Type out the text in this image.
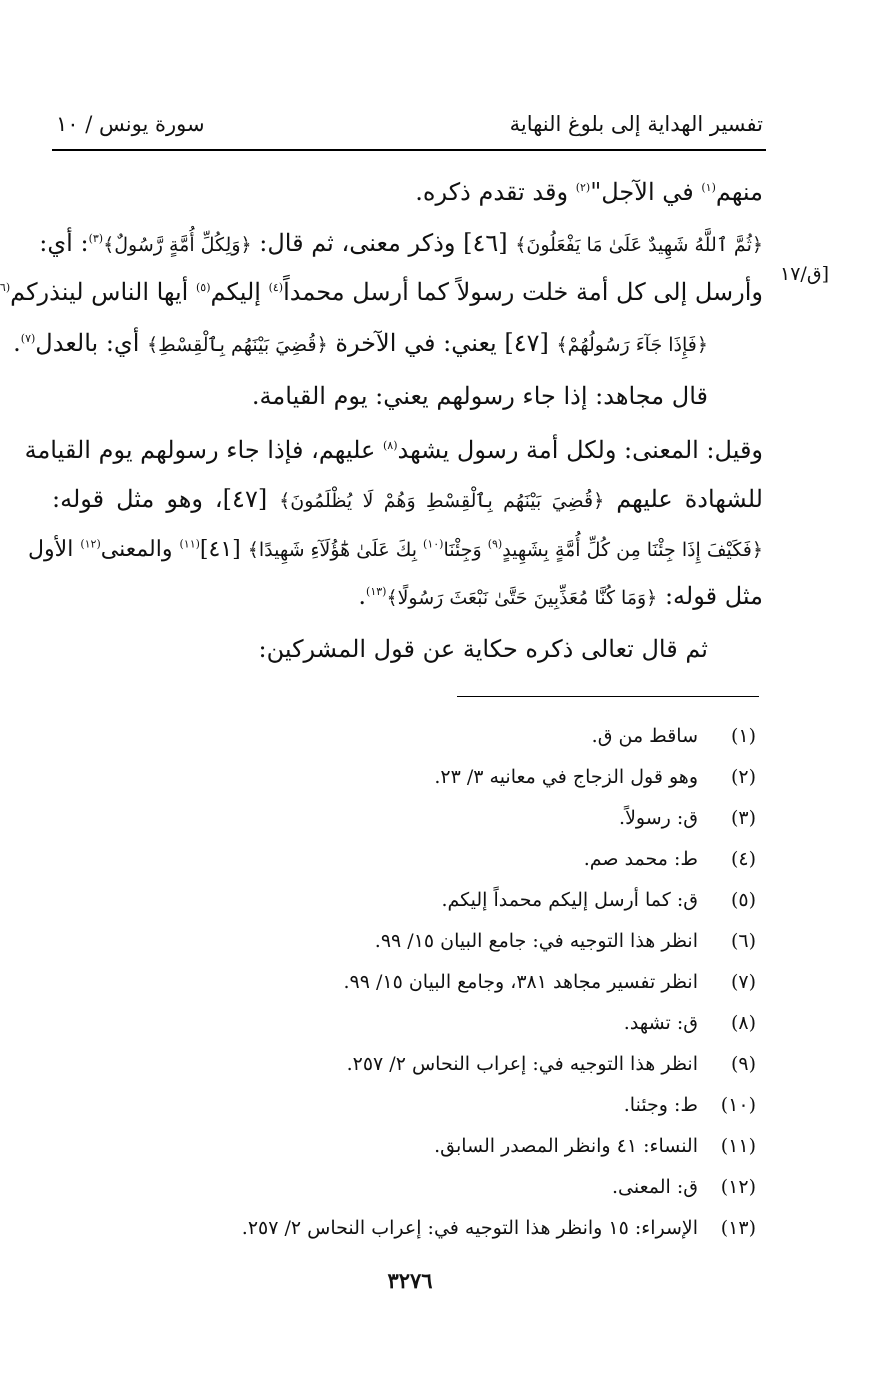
تفسير الهداية إلى بلوغ النهاية
سورة يونس / ١٠
[ق/١٧
منهم$^{(١)}$ في الآجل"$^{(٢)}$ وقد تقدم ذكره.
﴿ثُمَّ ٱللَّهُ شَهِيدٌ عَلَىٰ مَا يَفْعَلُونَ﴾ [٤٦] وذكر معنى، ثم قال: ﴿وَلِكُلِّ أُمَّةٍ رَّسُولٌ﴾$^{(٣)}$: أي:
وأرسل إلى كل أمة خلت رسولاً كما أرسل محمداً$^{(٤)}$ إليكم$^{(٥)}$ أيها الناس لينذركم$^{(٦}$
﴿فَإِذَا جَآءَ رَسُولُهُمْ﴾ [٤٧] يعني: في الآخرة ﴿قُضِيَ بَيْنَهُم بِٱلْقِسْطِ﴾ أي: بالعدل$^{(٧)}$.
قال مجاهد: إذا جاء رسولهم يعني: يوم القيامة.
وقيل: المعنى: ولكل أمة رسول يشهد$^{(٨)}$ عليهم، فإذا جاء رسولهم يوم القيامة
للشهادة عليهم ﴿قُضِيَ بَيْنَهُم بِٱلْقِسْطِ وَهُمْ لَا يُظْلَمُونَ﴾ [٤٧]، وهو مثل قوله:
﴿فَكَيْفَ إِذَا جِئْنَا مِن كُلِّ أُمَّةٍ بِشَهِيدٍ$^{(٩)}$ وَجِئْنَا$^{(١٠)}$ بِكَ عَلَىٰ هَٰٓؤُلَآءِ شَهِيدًا﴾ [٤١]$^{(١١)}$ والمعنى$^{(١٢)}$ الأول
مثل قوله: ﴿وَمَا كُنَّا مُعَذِّبِينَ حَتَّىٰ نَبْعَثَ رَسُولًا﴾$^{(١٣)}$.
ثم قال تعالى ذكره حكاية عن قول المشركين:
(١)
ساقط من ق.
(٢)
وهو قول الزجاج في معانيه ٣/ ٢٣.
(٣)
ق: رسولاً.
(٤)
ط: محمد صم.
(٥)
ق: كما أرسل إليكم محمداً إليكم.
(٦)
انظر هذا التوجيه في: جامع البيان ١٥/ ٩٩.
(٧)
انظر تفسير مجاهد ٣٨١، وجامع البيان ١٥/ ٩٩.
(٨)
ق: تشهد.
(٩)
انظر هذا التوجيه في: إعراب النحاس ٢/ ٢٥٧.
(١٠)
ط: وجئنا.
(١١)
النساء: ٤١ وانظر المصدر السابق.
(١٢)
ق: المعنى.
(١٣)
الإسراء: ١٥ وانظر هذا التوجيه في: إعراب النحاس ٢/ ٢٥٧.
٣٢٧٦
